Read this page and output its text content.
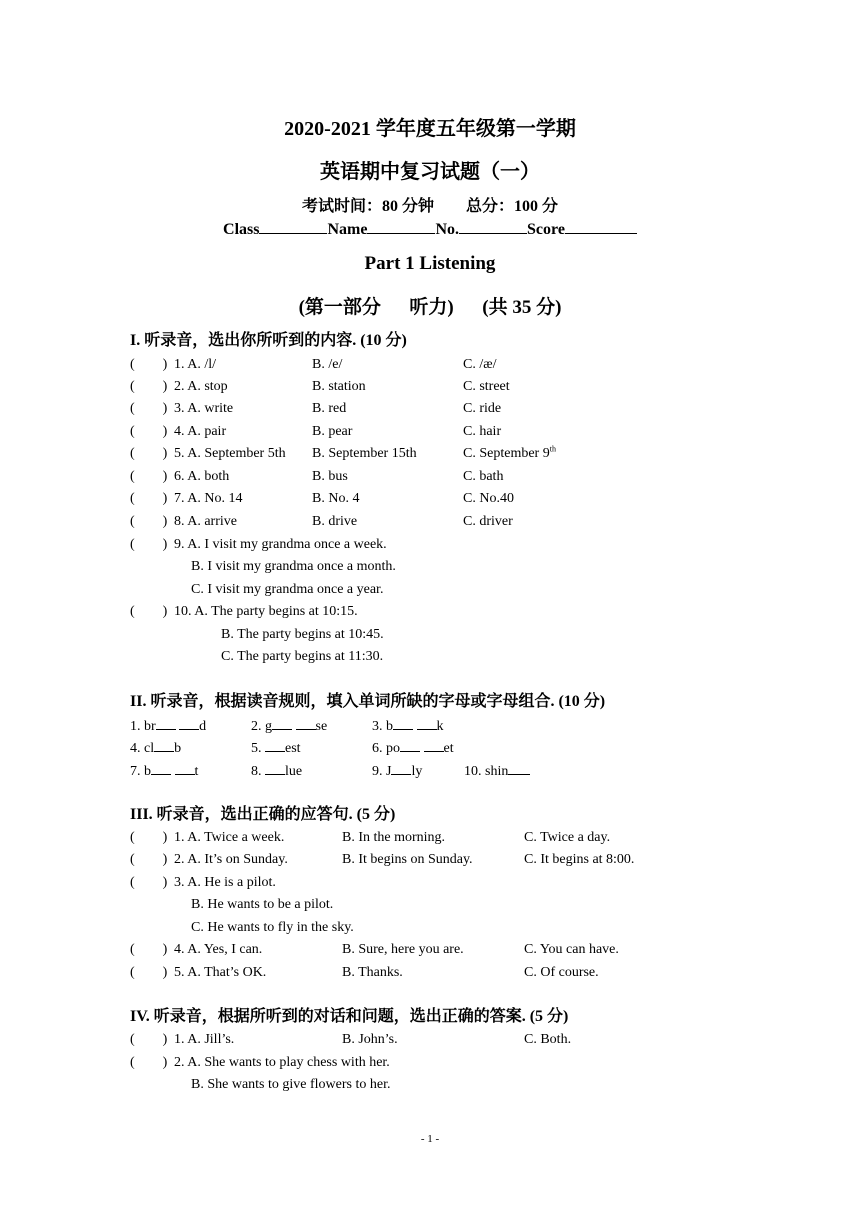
2020-2021 学年度五年级第一学期
英语期中复习试题（一）
考试时间：80 分钟        总分：100 分
Class	Name	No.	Score
Part 1 Listening
(第一部分      听力)      (共 35 分)
I. 听录音，选出你所听到的内容. (10 分)
(        ) 1. A. /l/	B. /e/	C. /æ/
(        ) 2. A. stop	B. station	C. street
(        ) 3. A. write	B. red	C. ride
(        ) 4. A. pair	B. pear	C. hair
(        ) 5. A. September 5th B. September 15th	C. September 9th
(        ) 6. A. both	B. bus	C. bath
(        ) 7. A. No. 14	B. No. 4	C. No.40
(        ) 8. A. arrive	B. drive	C. driver
(        ) 9. A. I visit my grandma once a week.
B. I visit my grandma once a month.
C. I visit my grandma once a year.
(        ) 10. A. The party begins at 10:15.
B. The party begins at 10:45.
C. The party begins at 11:30.
II. 听录音，根据读音规则，填入单词所缺的字母或字母组合. (10 分)
1. br	d	2. g	se	3. b	k
4. cl b	5. est	6. po	et
7. b	t	8. lue	9. J ly	10. shin
III. 听录音，选出正确的应答句. (5 分)
(        ) 1. A. Twice a week.	B. In the morning.	C. Twice a day.
(        ) 2. A. It’s on Sunday.	B. It begins on Sunday.	C. It begins at 8:00.
(        ) 3. A. He is a pilot.
B. He wants to be a pilot.
C. He wants to fly in the sky.
(        ) 4. A. Yes, I can.	B. Sure, here you are.	C. You can have.
(        ) 5. A. That’s OK.	B. Thanks.	C. Of course.
IV. 听录音，根据所听到的对话和问题，选出正确的答案. (5 分)
(        ) 1. A. Jill’s.	B. John’s.	C. Both.
(        ) 2. A. She wants to play chess with her.
B. She wants to give flowers to her.
- 1 -
